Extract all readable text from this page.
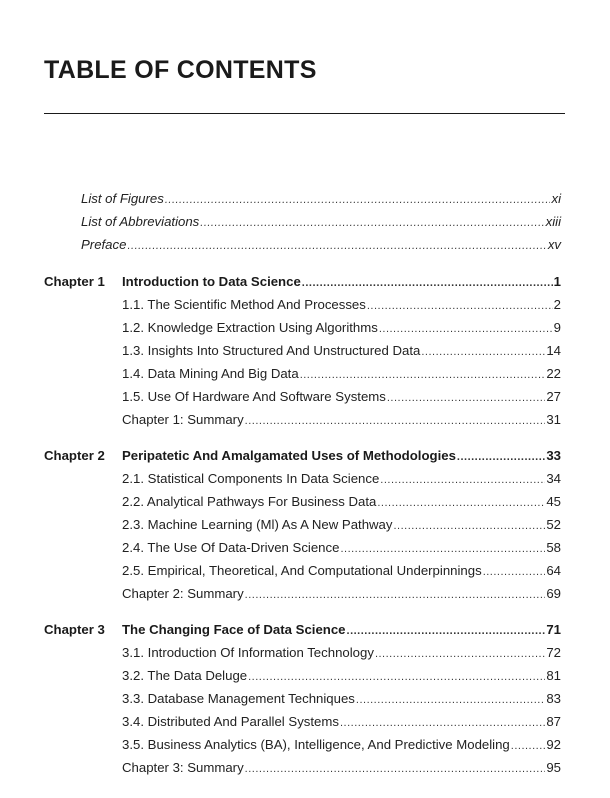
TABLE OF CONTENTS
List of Figures .....	xi
List of Abbreviations .....	xiii
Preface .....	xv
Chapter 1 Introduction to Data Science .....	1
1.1. The Scientific Method And Processes .....	2
1.2. Knowledge Extraction Using Algorithms .....	9
1.3. Insights Into Structured And Unstructured Data .....	14
1.4. Data Mining And Big Data .....	22
1.5. Use Of Hardware And Software Systems .....	27
Chapter 1: Summary .....	31
Chapter 2 Peripatetic And Amalgamated Uses of Methodologies .....	33
2.1. Statistical Components In Data Science .....	34
2.2. Analytical Pathways For Business Data .....	45
2.3. Machine Learning (Ml) As A New Pathway .....	52
2.4. The Use Of Data-Driven Science .....	58
2.5. Empirical, Theoretical, And Computational Underpinnings .....	64
Chapter 2: Summary .....	69
Chapter 3 The Changing Face of Data Science .....	71
3.1. Introduction Of Information Technology .....	72
3.2. The Data Deluge .....	81
3.3. Database Management Techniques .....	83
3.4. Distributed And Parallel Systems .....	87
3.5. Business Analytics (BA), Intelligence, And Predictive Modeling .....	92
Chapter 3: Summary .....	95
